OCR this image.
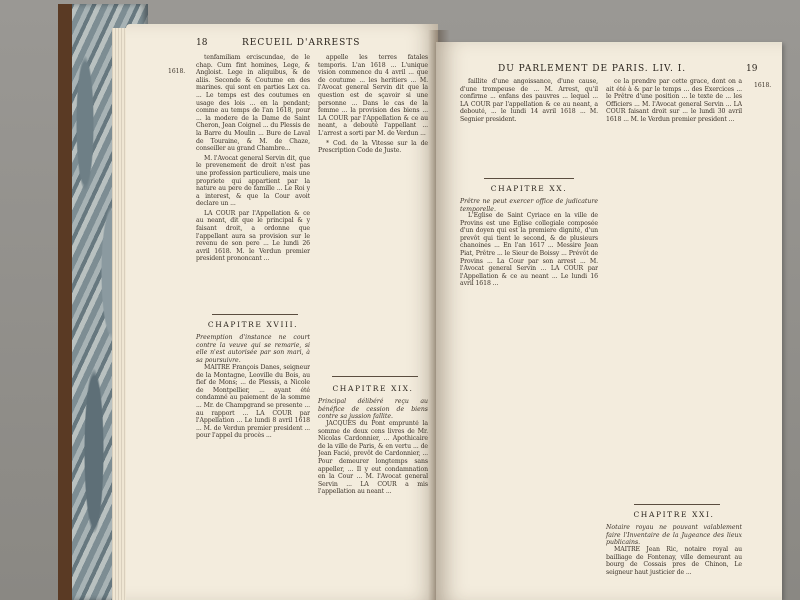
18	RECUEIL D'ARRESTS
1618.

tenfamiliam erciscundae, de le chap. Cum fint homines, Lege, & Angloist. Lege in aliquibus, & de aliis. Seconde & Coutume en des marines. qui sont en parties Lex ca. ... Le temps est des coutumes en usage des lois ... en la pendant; comme au temps de l'an 1618, pour ... la modere de la Dame de Saint Cheron, Jean Coignel ... du Plessis de la Barre du Moulin ... Bure de Laval de Touraine, & M. de Chaze, conseiller au grand Chambre...

M. l'Avocat general Servin dit, que le prevenement de droit n'est pas une profession particuliere, mais une propriete qui appartient par la nature au pere de famille ... Le Roi y a interest, & que la Cour avoit declare un ...

LA COUR par l'Appellation & ce au neant, dit que le principal & y faisant droit, a ordonne que l'appellant aura sa provision sur le revenu de son pere ... Le lundi 26 avril 1618. M. le Verdun premier president prononcant ...

CHAPITRE XVIII.
Preemption d'instance ne court contre la veuve qui se remarie, si elle n'est autorisée par son mari, à sa poursuivre.

MAITRE François Danes, seigneur de la Montagne, Leoville du Bois, au fief de Mons; ... de Plessis, a Nicole de Montpellier, ... ayant été condamné au paiement de la somme ... Mr. de Champgrand se presente ... au rapport ... LA COUR par l'Appellation ... Le lundi 8 avril 1618 ... M. de Verdun premier president ... pour l'appel du procès ...

appelle les terres fatales temporis. L'an 1618 ... L'unique vision commence du 4 avril ... que de coutume ... les heritiers ... M. l'Avocat general Servin dit que la question est de sçavoir si une personne ... Dans le cas de la femme ... la provision des biens ... LA COUR par l'Appellation & ce au neant, a debouté l'appellant ... L'arrest a sorti par M. de Verdun ...

* Cod. de la Vitesse sur la de Prescription Code de Juste.

CHAPITRE XIX.
Principal délibéré reçu au bénéfice de cession de biens contre sa jussion fallite.

JACQUES du Pont emprunté la somme de deux cens livres de Mr. Nicolas Cardonnier, ... Apothicaire de la ville de Paris, & en vertu ... de Jean Facié, prevôt de Cardonnier, ... Pour demeurer longtemps sans appeller, ... Il y eut condamnation en la Cour ... M. l'Avocat general Servin ... LA COUR a mis l'appellation au neant ...

DU PARLEMENT DE PARIS. LIV. I.	19
1618.

faillite d'une angoissance, d'une cause, d'une trompeuse de ... M. Arrest, qu'il confirme ... enfans des pauvres ... lequel ... LA COUR par l'appellation & ce au neant, a debouté, ... le lundi 14 avril 1618 ... M. Segnier president.

CHAPITRE XX.
Prêtre ne peut exercer office de judicature temporelle.

L'Eglise de Saint Cyriace en la ville de Provins est une Eglise collegiale composée d'un doyen qui est la premiere dignité, d'un prevôt qui tient le second, & de plusieurs chanoines ... En l'an 1617 ... Messire Jean Piat, Prêtre ... le Sieur de Boissy ... Prévôt de Provins ... La Cour par son arrest ... M. l'Avocat general Servin ... LA COUR par l'Appellation & ce au neant ... Le lundi 16 avril 1618 ...

ce la prendre par cette grace, dont on a ait été à & par le temps ... des Exercices ... le Prêtre d'une position ... le texte de ... les Officiers ... M. l'Avocat general Servin ... LA COUR faisant droit sur ... le lundi 30 avril 1618 ... M. le Verdun premier president ...

CHAPITRE XXI.
Notaire royau ne pouvant valablement faire l'Inventaire de la Jugeance des lieux publicains.

MAITRE Jean Ric, notaire royal au bailliage de Fontenay, ville demeurant au bourg de Cossais pres de Chinon, Le seigneur haut justicier de ...
